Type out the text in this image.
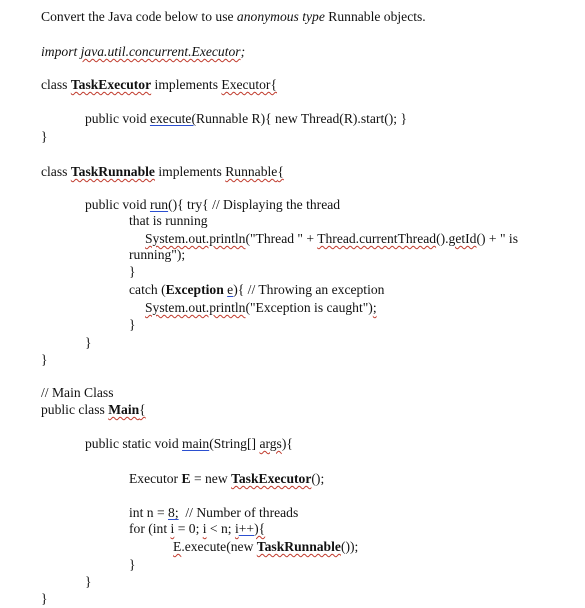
Convert the Java code below to use anonymous type Runnable objects.
import java.util.concurrent.Executor;
class TaskExecutor implements Executor{
public void execute(Runnable R){ new Thread(R).start(); }
}
class TaskRunnable implements Runnable{
public void run(){ try{ // Displaying the thread
that is running
System.out.println("Thread " + Thread.currentThread().getId() + " is
running");
}
catch (Exception e){ // Throwing an exception
System.out.println("Exception is caught");
}
}
}
// Main Class
public class Main{
public static void main(String[] args){
Executor E = new TaskExecutor();
int n = 8;  // Number of threads
for (int i = 0; i < n; i++){
E.execute(new TaskRunnable());
}
}
}
